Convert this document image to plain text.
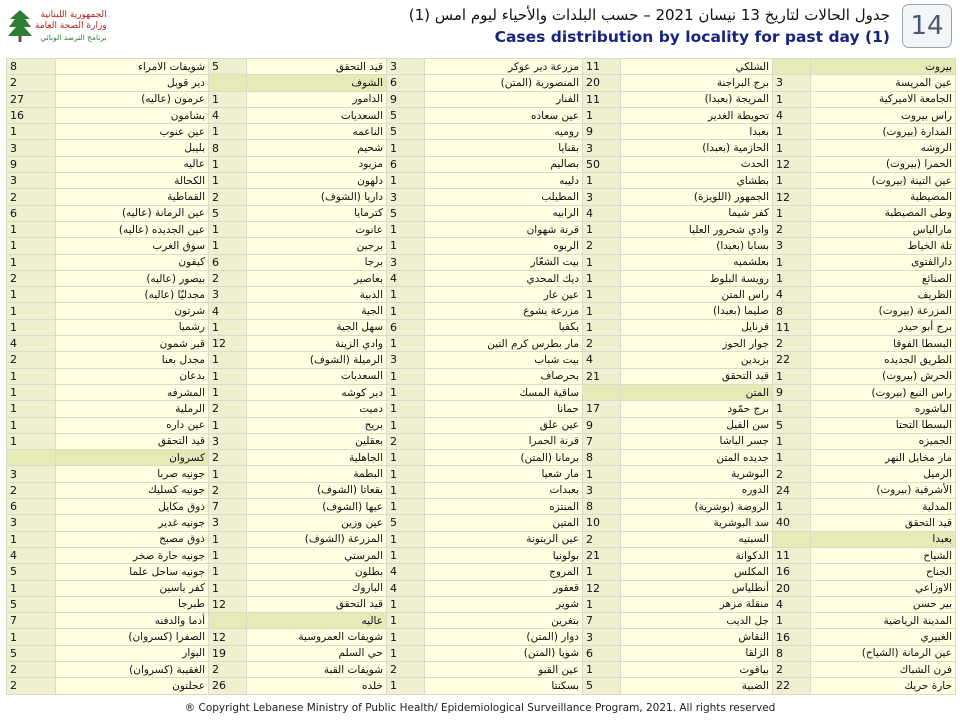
الجمهورية اللبنانية
وزارة الصحة العامة
برنامج الترصد الوبائي
جدول الحالات لتاريخ 13 نيسان 2021 – حسب البلدات والأحياء ليوم امس (1)
Cases distribution by locality for past day (1) 14
بيروت		الشلكي	11	مزرعة دير عوكر	3	قيد التحقق	5	شويفات الامراء	8
عين المريسة	3	برج البراجنة	20	المنصورية (المتن)	6	الشوف		دير قوبل	2
الجامعة الاميركية	1	المريجة (بعبدا)	11	الفنار	9	الدامور	1	عرمون (عاليه)	27
راس بيروت	4	تحويطة الغدير	1	عين سعاده	5	السعديات	4	بشامون	16
المدارة (بيروت)	1	بعبدا	9	روميه	5	الناعمه	1	عين عنوب	1
الروشه	1	الحازمية (بعبدا)	3	بقنايا	1	شحيم	8	بليبل	3
الحمرا (بيروت)	12	الحدث	50	بصاليم	6	مزبود	1	عاليه	9
عين التينة (بيروت)	1	بطشاي	1	دليبه	1	دلهون	1	الكحالة	3
المصيطبة	12	الجمهور (اللويزة)	3	المطيلب	3	داريا (الشوف)	2	القماطية	2
وطى المصيطبة	1	كفر شيما	4	الرابيه	5	كترمايا	5	عين الرمانة (عاليه)	6
مارالياس	2	وادي شحرور العليا	1	قرنة شهوان	1	عانوت	1	عين الجديده (عاليه)	1
تلة الخياط	3	بسابا (بعبدا)	2	الربوه	1	برجين	1	سوق الغرب	1
دارالفتوى	1	بعلشميه	1	بيت الشعّار	3	برجا	6	كيفون	1
الصنائع	1	رويسة البلوط	1	ديك المحدي	4	بعاصير	2	بيصور (عاليه)	2
الظريف	4	راس المتن	1	عين عار	1	الدبية	3	مجدليّا (عاليه)	1
المزرعة (بيروت)	8	صليما (بعبدا)	1	مزرعة يشوع	1	الجية	4	شرتون	1
برج أبو حيدر	11	قرنايل	1	بكفيا	6	سهل الجية	1	رشميا	1
البسطا الفوقا	2	جوار الحوز	2	مار بطرس كرم التين	1	وادي الزينة	12	قبر شمون	4
الطريق الجديده	22	بزبدين	4	بيت شباب	3	الرميلة (الشوف)	1	مجدل بعنا	2
الحرش (بيروت)	1	قيد التحقق	21	بحرصاف	1	السعديات	1	بدعان	1
راس النبع (بيروت)	9	المتن		ساقية المسك	1	دير كوشه	1	المشرفه	1
الباشوره	1	برج حمّود	17	حمانا	1	دميت	2	الرملية	1
البسطا التحتا	5	سن الفيل	9	عين علق	1	بريح	1	عين داره	1
الجميزه	1	جسر الباشا	7	قرنة الحمرا	2	بعقلين	3	قيد التحقق	1
مار مخايل النهر	1	جديده المتن	8	برمانا (المتن)	1	الجاهلية	2	كسروان	
الرميل	2	البوشرية	1	مار شعيا	1	البطمة	1	جونيه صربا	3
الأشرفية (بيروت)	24	الدوره	3	بعبدات	1	بقعاتا (الشوف)	2	جونيه كسليك	2
المدلية	1	الروضة (بوشرية)	8	المنتزه	1	عيها (الشوف)	7	ذوق مكايل	6
قيد التحقق	40	سد البوشرية	10	المتين	5	عين وزين	3	جونيه غدير	3
بعبدا		السبتيه	2	عين الزيتونة	1	المزرعة (الشوف)	1	ذوق مصبح	1
الشياح	11	الدكوانة	21	بولونيا	1	المرستي	1	جونيه حارة صخر	4
الجناح	16	المكلس	1	المروج	4	بطلون	1	جونيه ساحل علما	5
الاوزاعي	20	أنطلياس	12	قعقور	4	الباروك	1	كفر ياسين	1
بير حسن	4	منقلة مزهر	1	شوير	1	قيد التحقق	12	طبرجا	5
المدينة الرياضية	1	جل الديب	7	بتغرين	1	عاليه		أدما والدفنه	7
الغبيري	16	النقاش	3	دوار (المتن)	1	شويفات العمروسية	12	الصفرا (كسروان)	1
عين الرمانة (الشياح)	8	الزلقا	6	شويا (المتن)	1	حي السلم	19	البوار	5
فرن الشباك	2	بياقوت	1	عين القبو	2	شويفات القبة	2	الغقيبة (كسروان)	2
حارة حريك	22	الضبية	5	بسكنتا	1	خلده	26	عجلتون	2
® Copyright Lebanese Ministry of Public Health/ Epidemiological Surveillance Program, 2021. All rights reserved
